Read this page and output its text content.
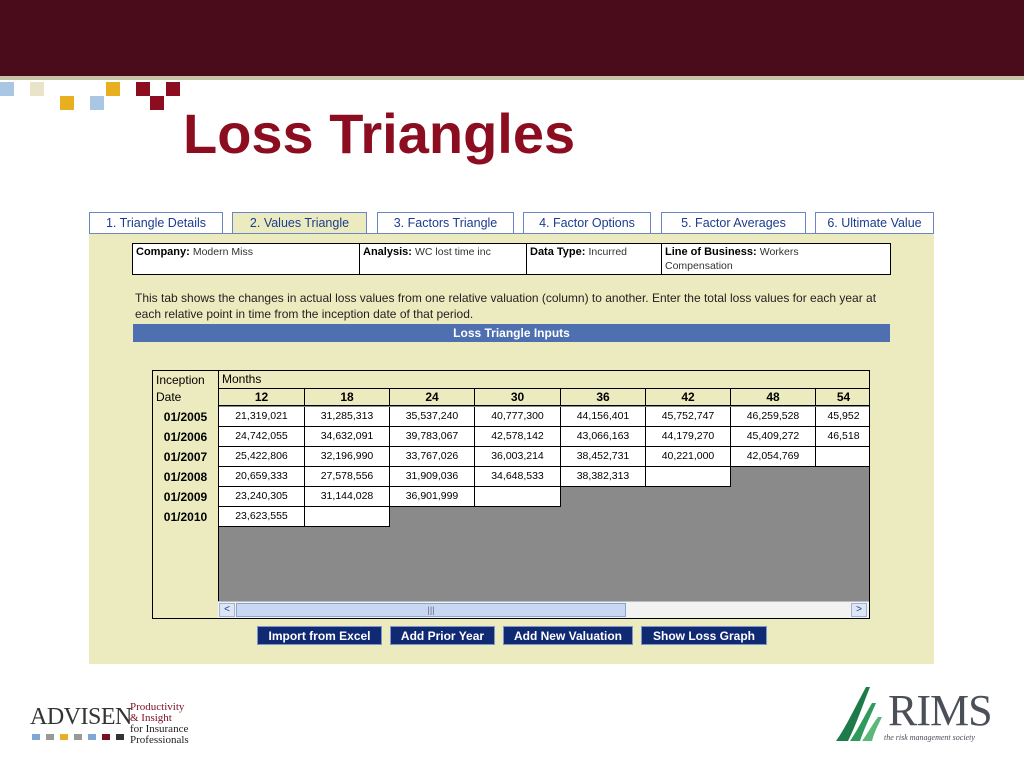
Loss Triangles
1. Triangle Details	2. Values Triangle	3. Factors Triangle	4. Factor Options	5. Factor Averages	6. Ultimate Value
Company: Modern Miss	Analysis: WC lost time inc	Data Type: Incurred	Line of Business: Workers
Compensation
This tab shows the changes in actual loss values from one relative valuation (column) to another. Enter the total loss values for each year at each relative point in time from the inception date of that period.
Loss Triangle Inputs
Inception
Date
Months
12	18	24	30	36	42	48	54
01/2005	21,319,021	31,285,313	35,537,240	40,777,300	44,156,401	45,752,747	46,259,528	45,952
01/2006	24,742,055	34,632,091	39,783,067	42,578,142	43,066,163	44,179,270	45,409,272	46,518
01/2007	25,422,806	32,196,990	33,767,026	36,003,214	38,452,731	40,221,000	42,054,769
01/2008	20,659,333	27,578,556	31,909,036	34,648,533	38,382,313
01/2009	23,240,305	31,144,028	36,901,999
01/2010	23,623,555
<	|||	>
Import from Excel	Add Prior Year	Add New Valuation	Show Loss Graph
ADVISEN
Productivity
& Insight
for Insurance
Professionals
RIMS
the risk management society
